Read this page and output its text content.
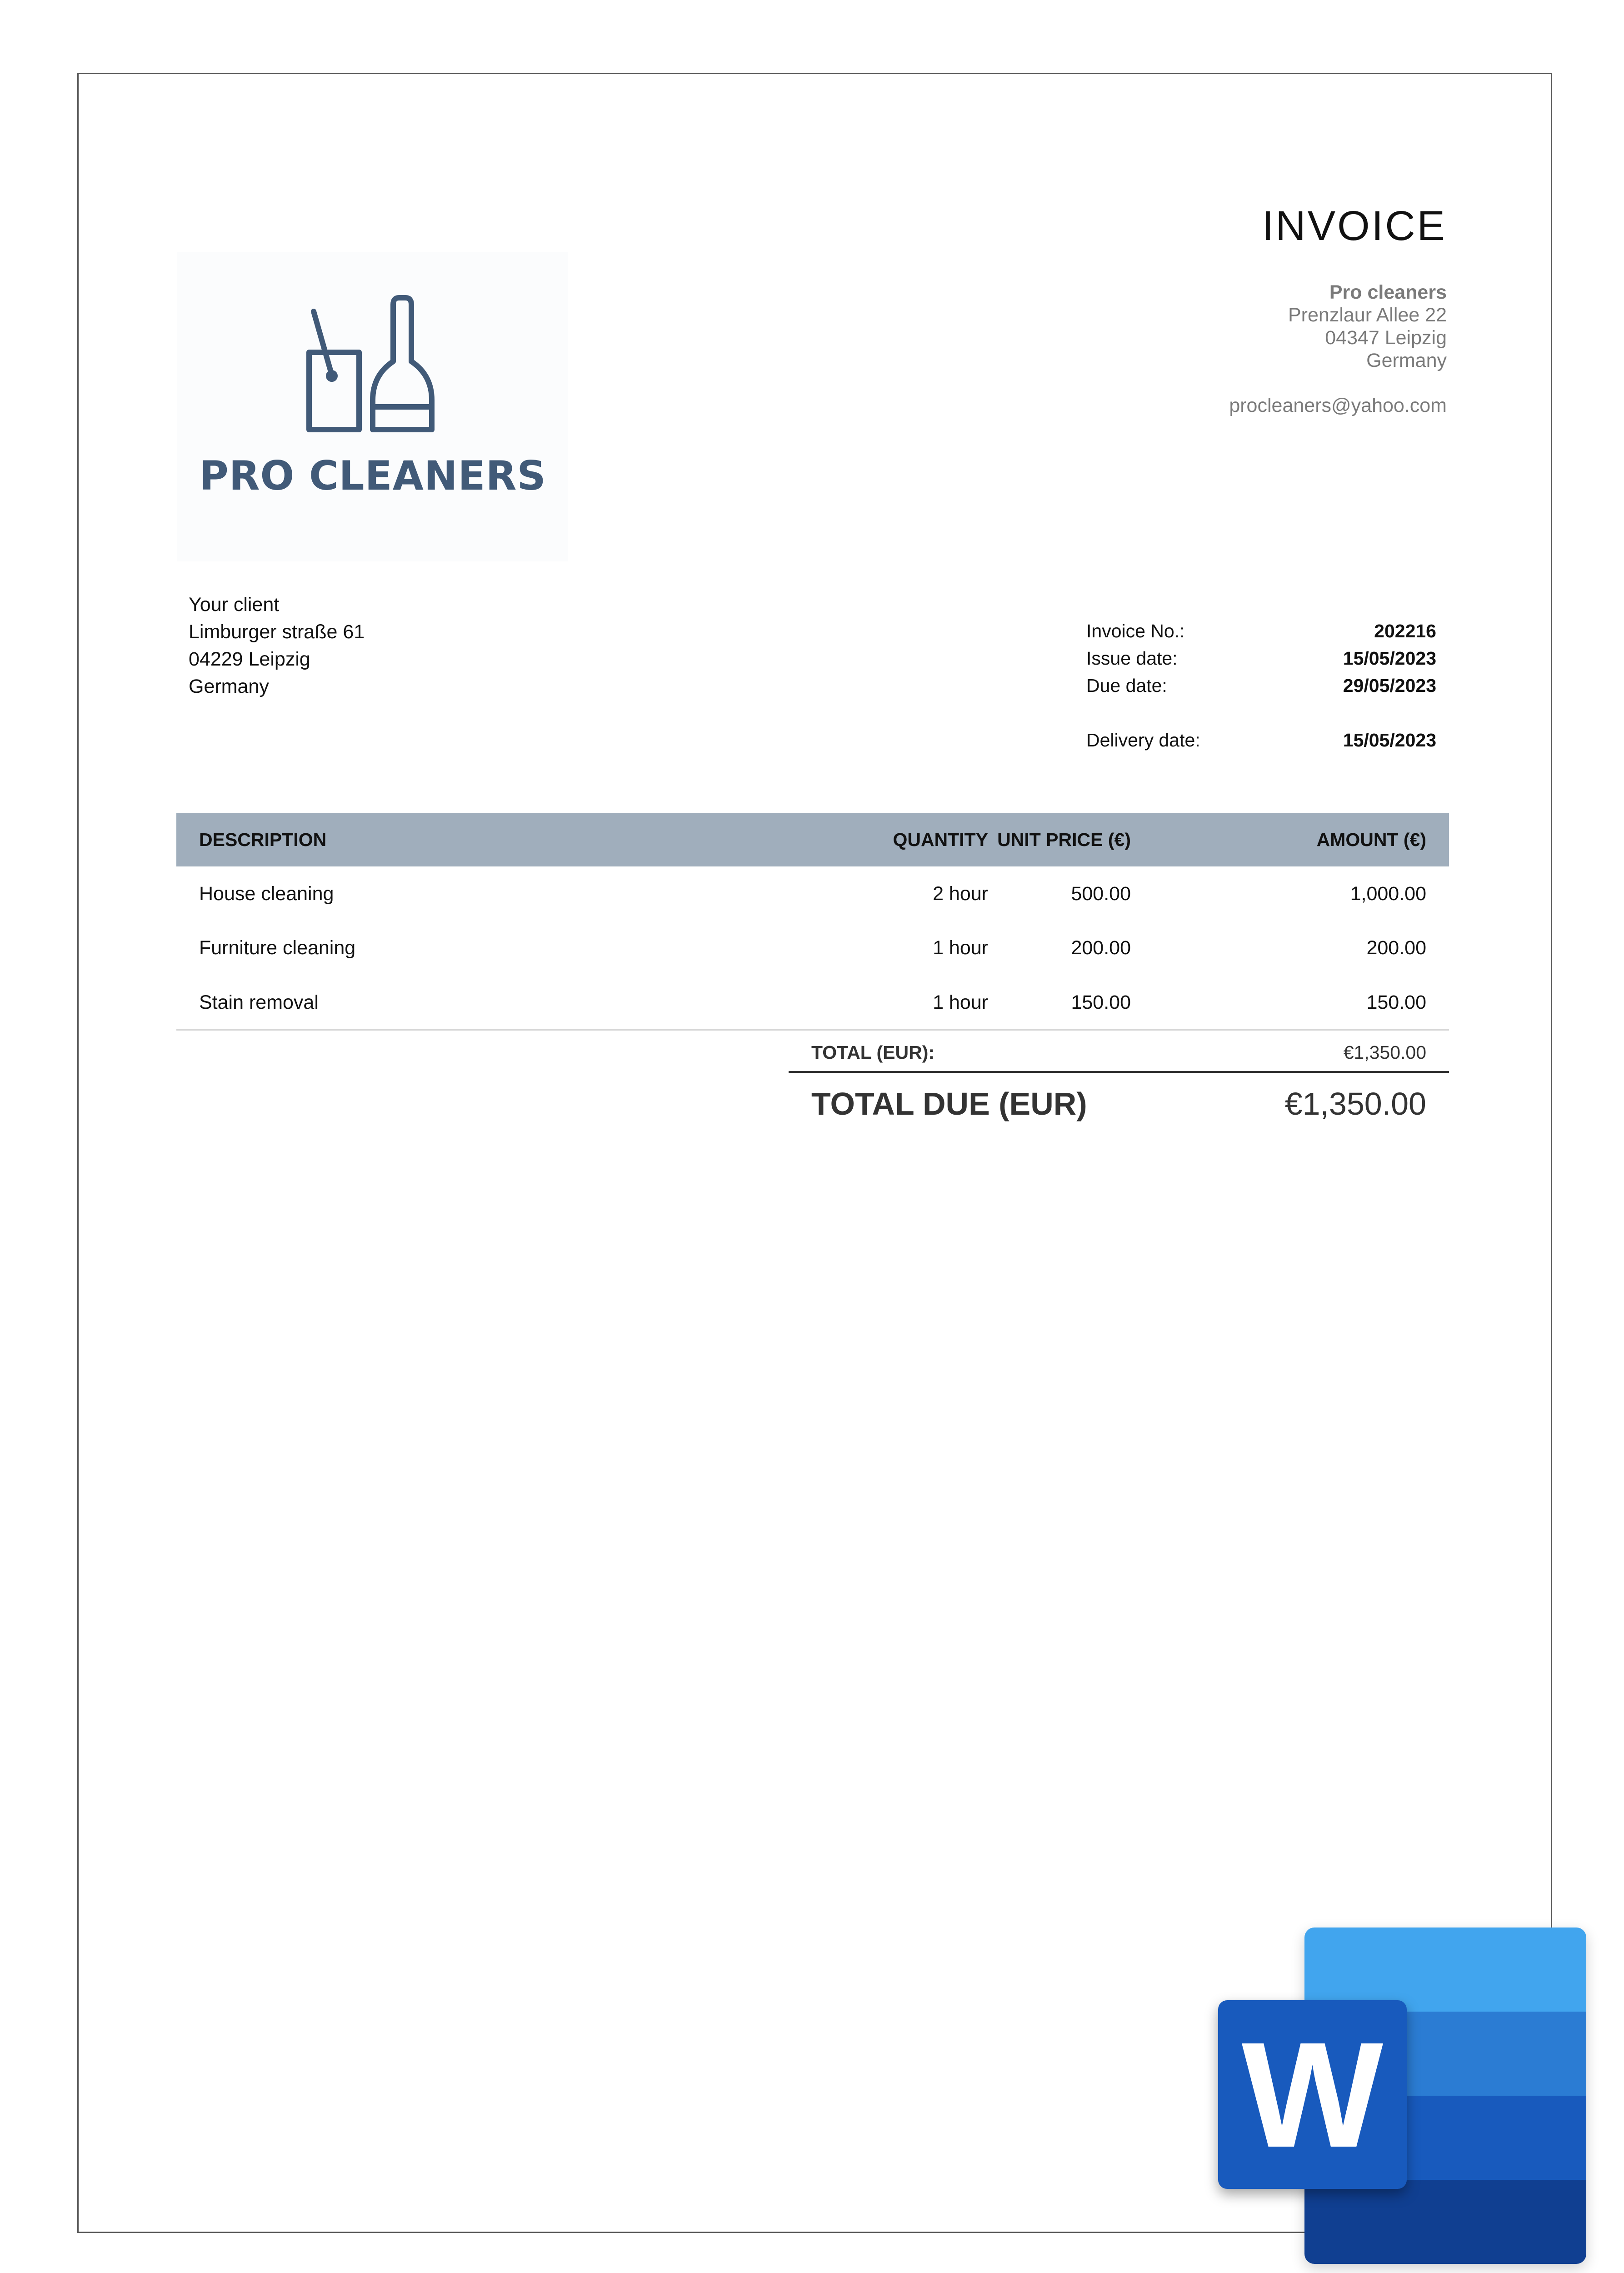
PRO CLEANERS
INVOICE
Pro cleaners
Prenzlaur Allee 22
04347 Leipzig
Germany
procleaners@yahoo.com
Your client
Limburger straße 61
04229 Leipzig
Germany
Invoice No.:	202216
Issue date:	15/05/2023
Due date:	29/05/2023
Delivery date:	15/05/2023
DESCRIPTION	QUANTITY UNIT PRICE (€)	AMOUNT (€)
House cleaning	2 hour	500.00	1,000.00
Furniture cleaning	1 hour	200.00	200.00
Stain removal	1 hour	150.00	150.00
TOTAL (EUR):	€1,350.00
TOTAL DUE (EUR)	€1,350.00
W
